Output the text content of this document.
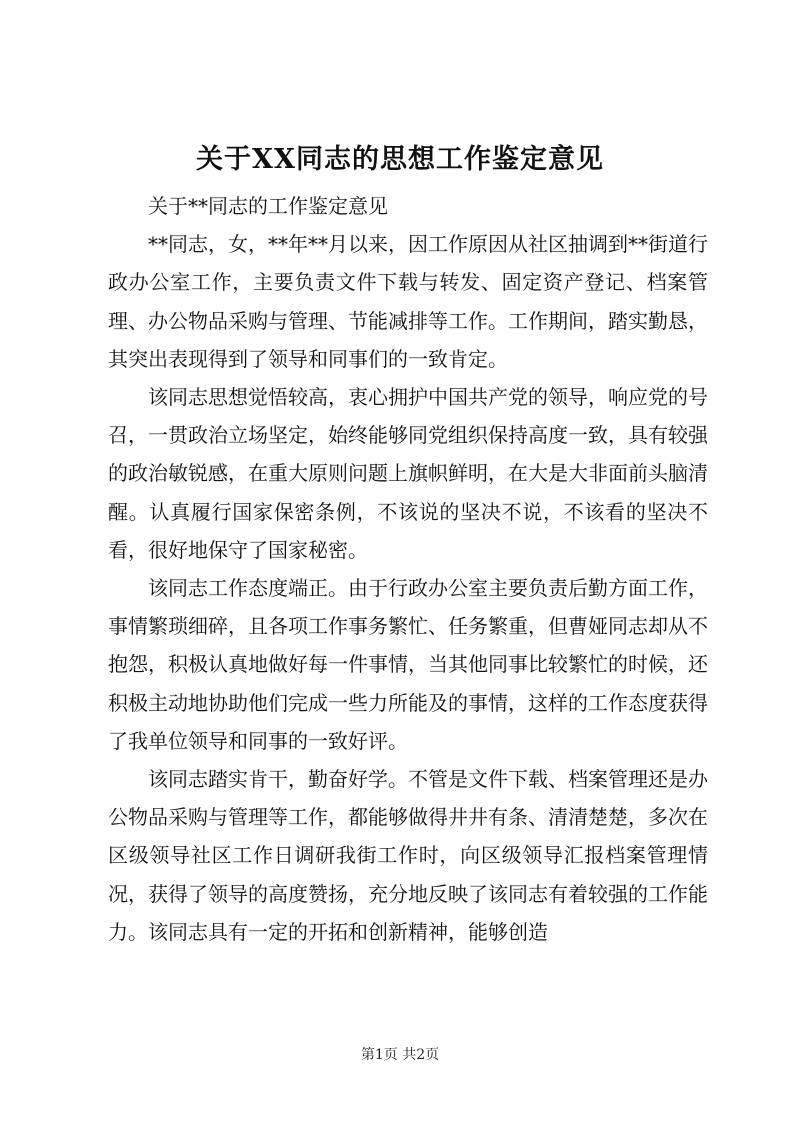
关于XX同志的思想工作鉴定意见

关于**同志的工作鉴定意见

**同志，女，**年**月以来，因工作原因从社区抽调到**街道行政办公室工作，主要负责文件下载与转发、固定资产登记、档案管理、办公物品采购与管理、节能减排等工作。工作期间，踏实勤恳，其突出表现得到了领导和同事们的一致肯定。

该同志思想觉悟较高，衷心拥护中国共产党的领导，响应党的号召，一贯政治立场坚定，始终能够同党组织保持高度一致，具有较强的政治敏锐感，在重大原则问题上旗帜鲜明，在大是大非面前头脑清醒。认真履行国家保密条例，不该说的坚决不说，不该看的坚决不看，很好地保守了国家秘密。

该同志工作态度端正。由于行政办公室主要负责后勤方面工作，事情繁琐细碎，且各项工作事务繁忙、任务繁重，但曹娅同志却从不抱怨，积极认真地做好每一件事情，当其他同事比较繁忙的时候，还积极主动地协助他们完成一些力所能及的事情，这样的工作态度获得了我单位领导和同事的一致好评。

该同志踏实肯干，勤奋好学。不管是文件下载、档案管理还是办公物品采购与管理等工作，都能够做得井井有条、清清楚楚，多次在区级领导社区工作日调研我街工作时，向区级领导汇报档案管理情况，获得了领导的高度赞扬，充分地反映了该同志有着较强的工作能力。该同志具有一定的开拓和创新精神，能够创造

第1页 共2页
